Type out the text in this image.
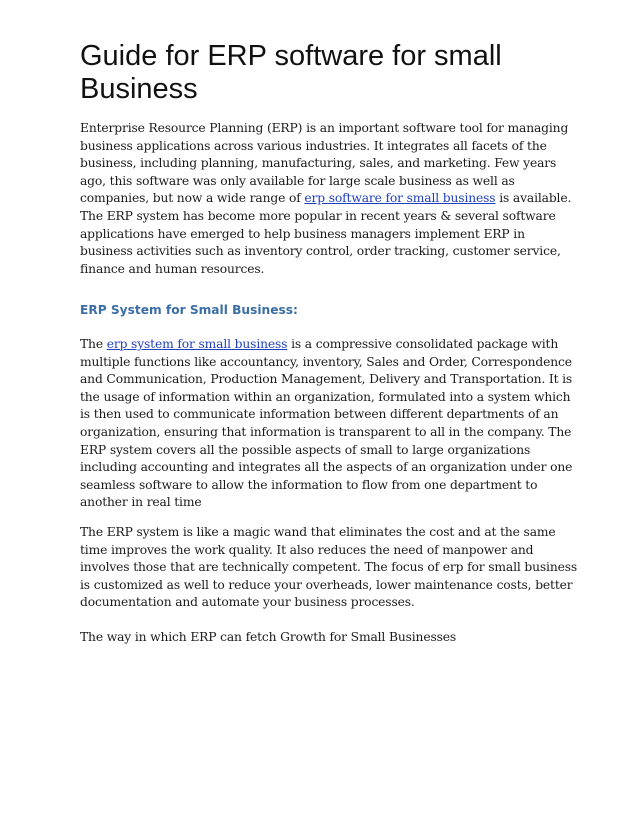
Guide for ERP software for small Business

Enterprise Resource Planning (ERP) is an important software tool for managing business applications across various industries. It integrates all facets of the business, including planning, manufacturing, sales, and marketing. Few years ago, this software was only available for large scale business as well as companies, but now a wide range of erp software for small business is available. The ERP system has become more popular in recent years & several software applications have emerged to help business managers implement ERP in business activities such as inventory control, order tracking, customer service, finance and human resources.

ERP System for Small Business:

The erp system for small business is a compressive consolidated package with multiple functions like accountancy, inventory, Sales and Order, Correspondence and Communication, Production Management, Delivery and Transportation. It is the usage of information within an organization, formulated into a system which is then used to communicate information between different departments of an organization, ensuring that information is transparent to all in the company. The ERP system covers all the possible aspects of small to large organizations including accounting and integrates all the aspects of an organization under one seamless software to allow the information to flow from one department to another in real time

The ERP system is like a magic wand that eliminates the cost and at the same time improves the work quality. It also reduces the need of manpower and involves those that are technically competent. The focus of erp for small business is customized as well to reduce your overheads, lower maintenance costs, better documentation and automate your business processes.

The way in which ERP can fetch Growth for Small Businesses
